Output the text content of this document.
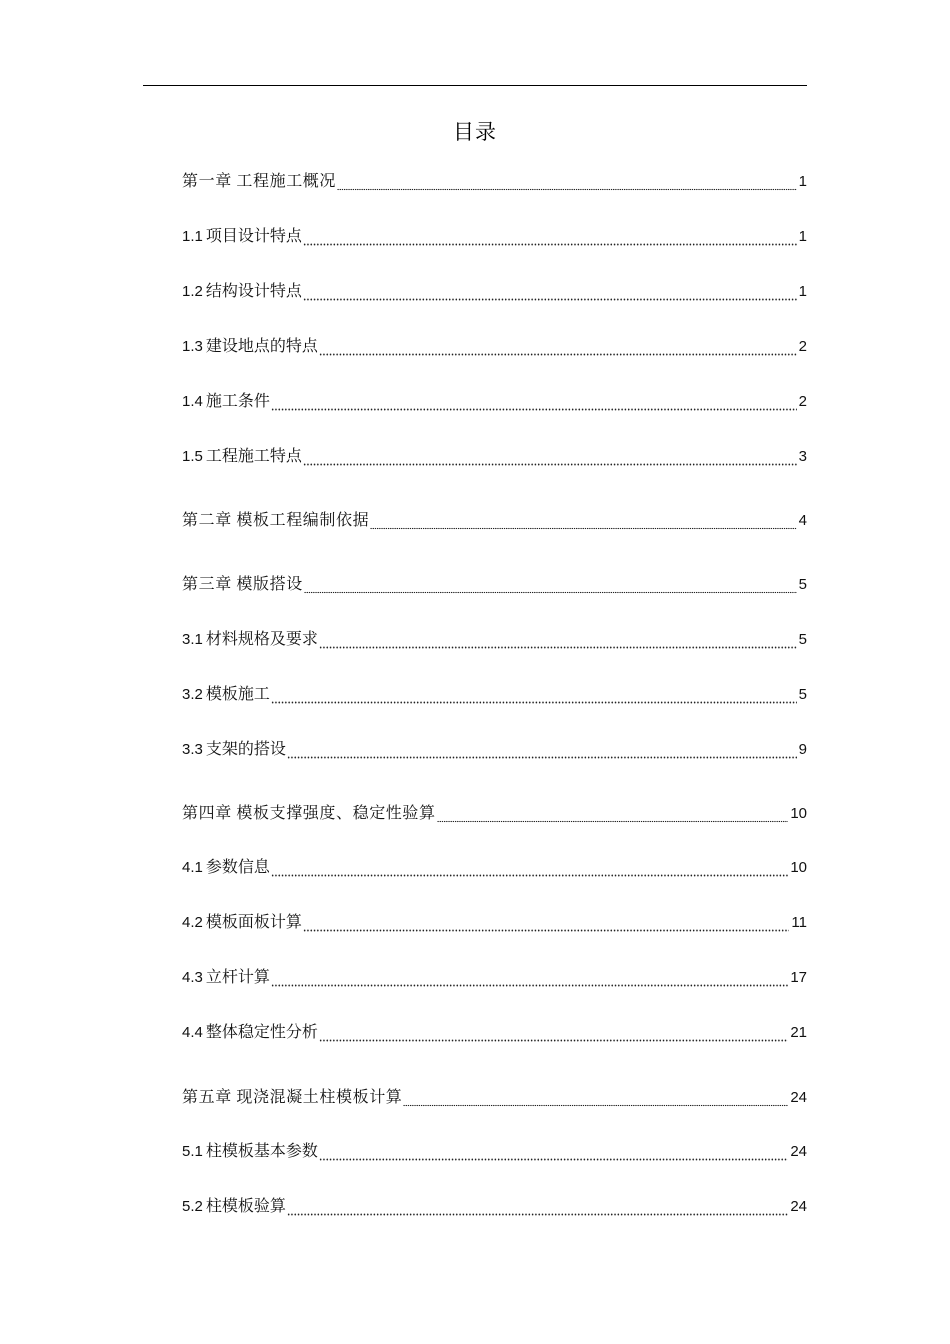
目录
第一章 工程施工概况	1
1.1 项目设计特点	1
1.2 结构设计特点	1
1.3 建设地点的特点	2
1.4 施工条件	2
1.5 工程施工特点	3
第二章 模板工程编制依据	4
第三章 模版搭设	5
3.1 材料规格及要求	5
3.2 模板施工	5
3.3 支架的搭设	9
第四章 模板支撑强度、稳定性验算	10
4.1 参数信息	10
4.2 模板面板计算	11
4.3 立杆计算	17
4.4 整体稳定性分析	21
第五章 现浇混凝土柱模板计算	24
5.1 柱模板基本参数	24
5.2 柱模板验算	24
